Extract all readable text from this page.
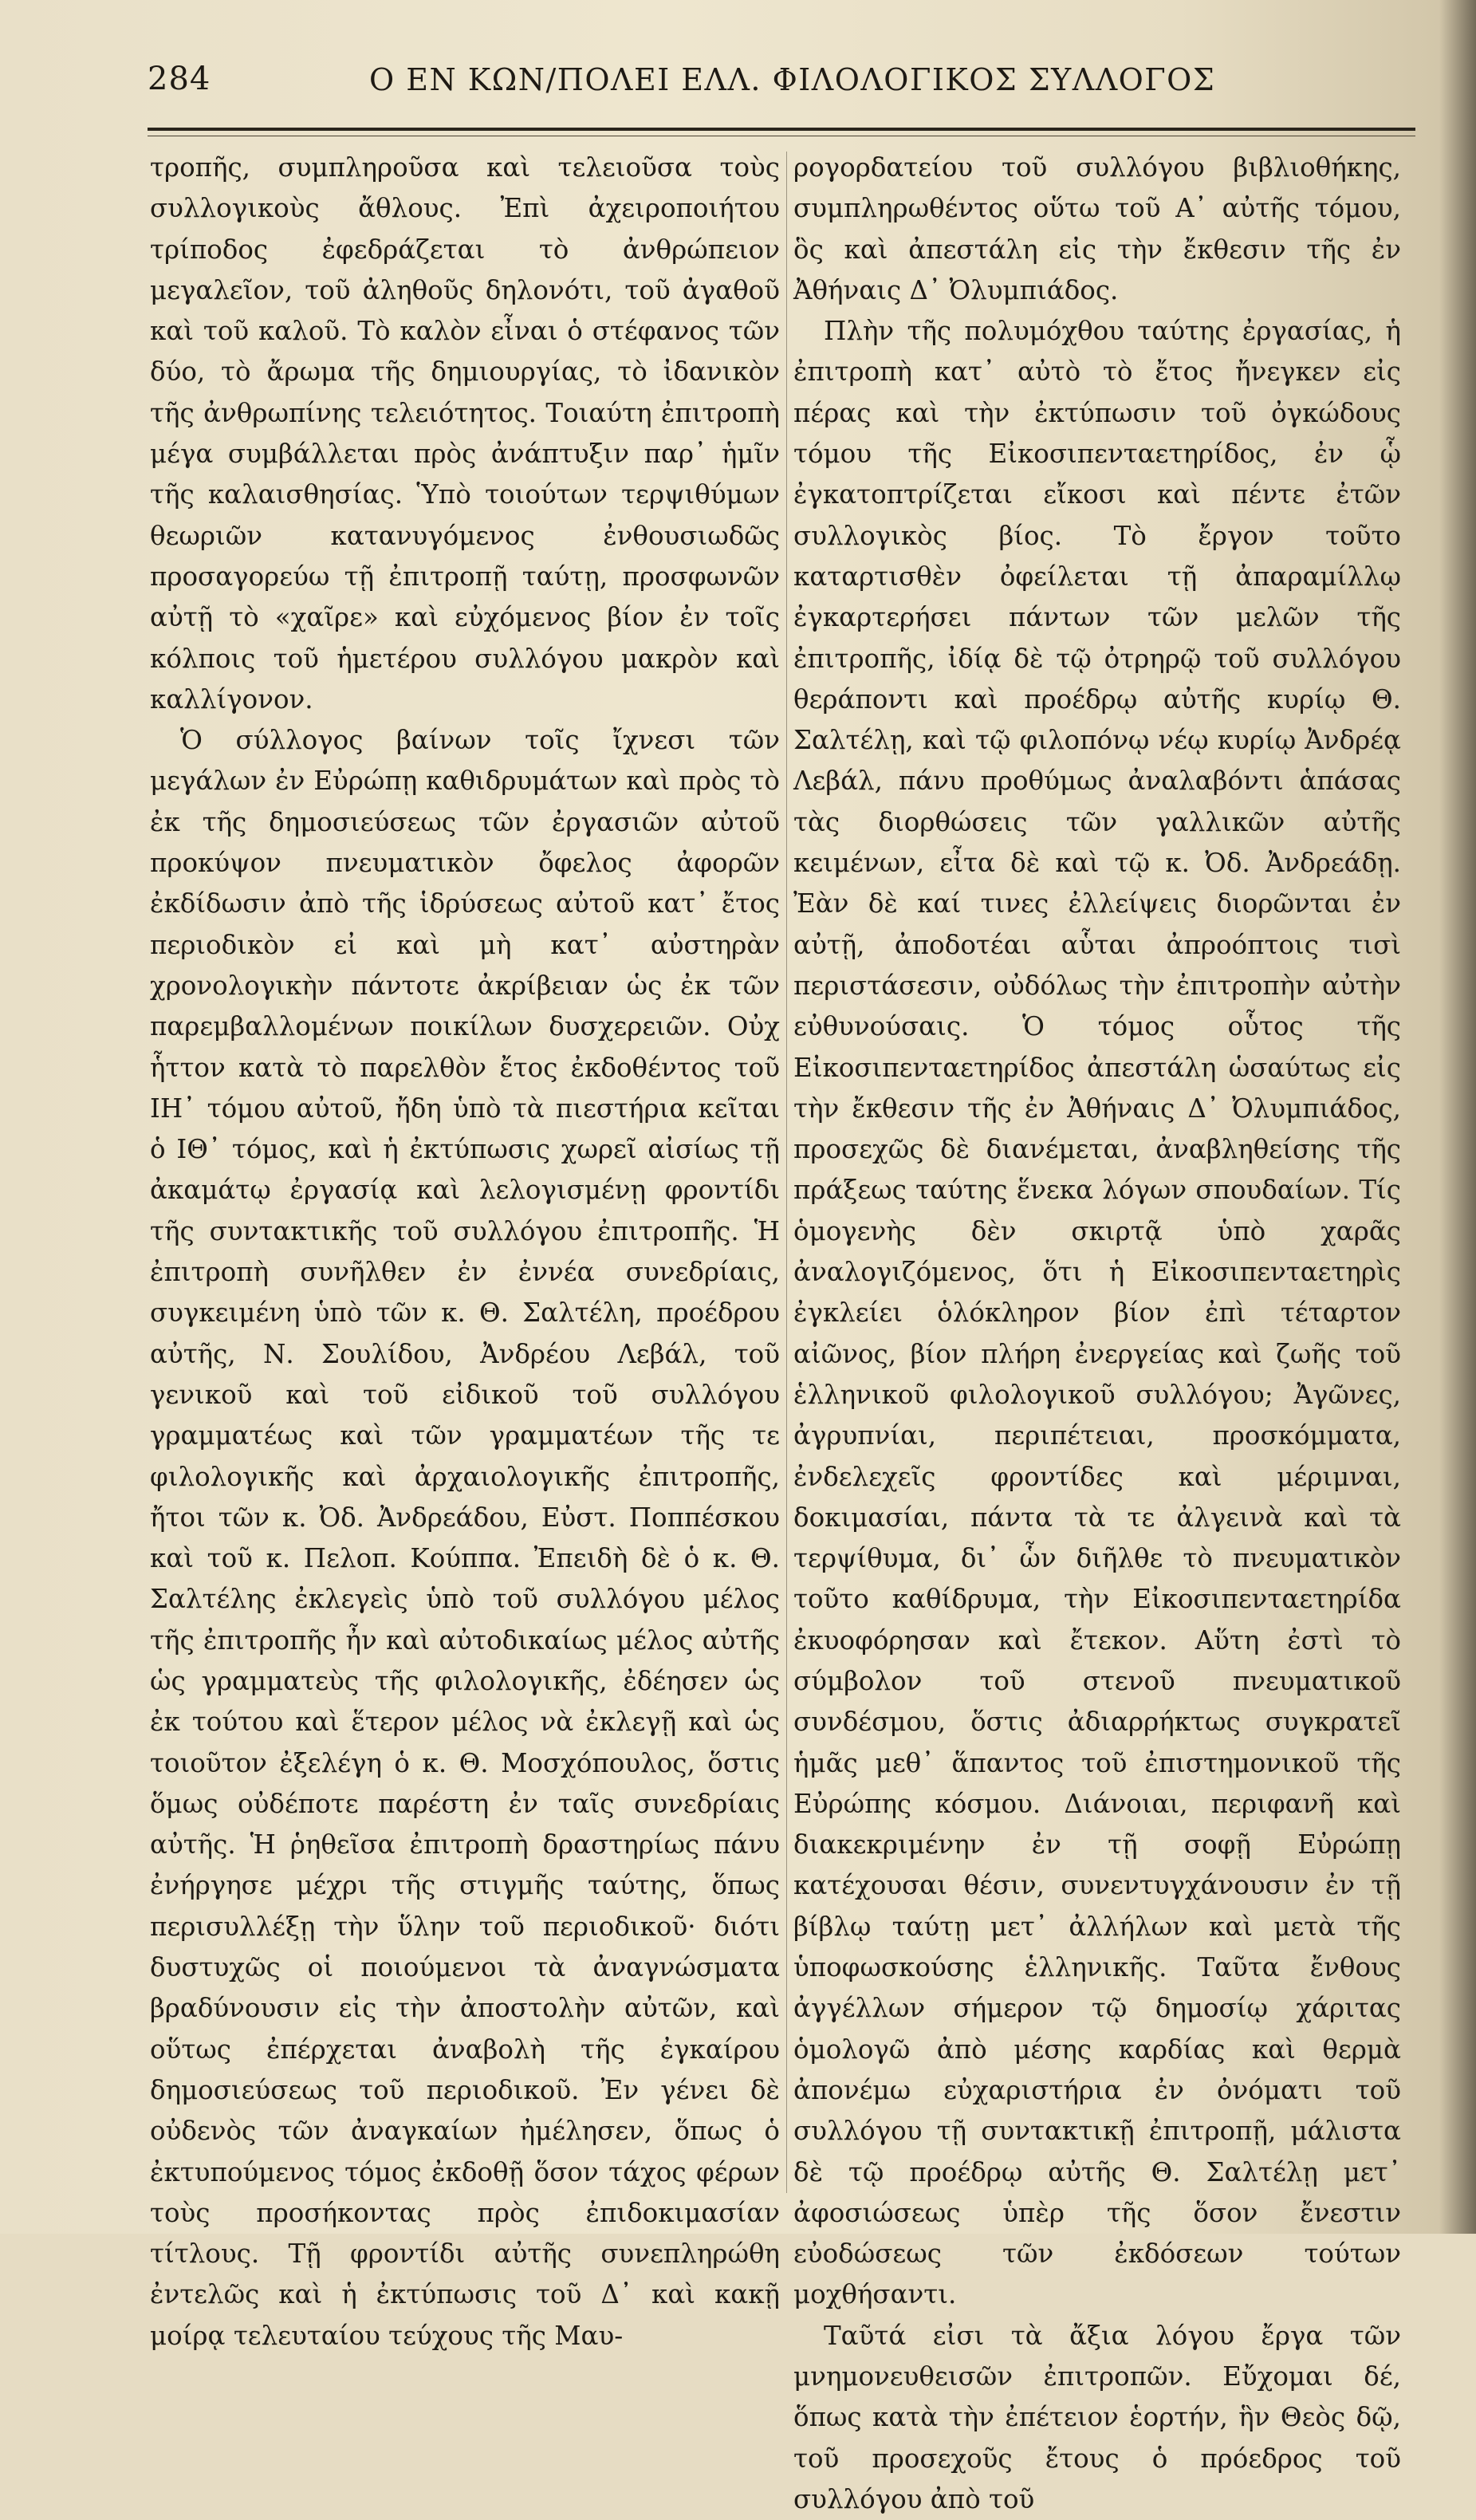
284	Ο ΕΝ ΚΩΝ/ΠΟΛΕΙ ΕΛΛ. ΦΙΛΟΛΟΓΙΚΟΣ ΣΥΛΛΟΓΟΣ

τροπῆς, συμπληροῦσα καὶ τελειοῦσα τοὺς συλλογικοὺς ἄθλους. Ἐπὶ ἀχειροποιήτου τρίποδος ἐφεδράζεται τὸ ἀνθρώπειον μεγαλεῖον, τοῦ ἀληθοῦς δηλονότι, τοῦ ἀγαθοῦ καὶ τοῦ καλοῦ. Τὸ καλὸν εἶναι ὁ στέφανος τῶν δύο, τὸ ἄρωμα τῆς δημιουργίας, τὸ ἰδανικὸν τῆς ἀνθρωπίνης τελειότητος. Τοιαύτη ἐπιτροπὴ μέγα συμβάλλεται πρὸς ἀνάπτυξιν παρ᾿ ἡμῖν τῆς καλαισθησίας. Ὑπὸ τοιούτων τερψιθύμων θεωριῶν κατανυγόμενος ἐνθουσιωδῶς προσαγορεύω τῇ ἐπιτροπῇ ταύτῃ, προσφωνῶν αὐτῇ τὸ «χαῖρε» καὶ εὐχόμενος βίον ἐν τοῖς κόλποις τοῦ ἡμετέρου συλλόγου μακρὸν καὶ καλλίγονον.

Ὁ σύλλογος βαίνων τοῖς ἴχνεσι τῶν μεγάλων ἐν Εὐρώπῃ καθιδρυμάτων καὶ πρὸς τὸ ἐκ τῆς δημοσιεύσεως τῶν ἐργασιῶν αὐτοῦ προκύψον πνευματικὸν ὄφελος ἀφορῶν ἐκδίδωσιν ἀπὸ τῆς ἱδρύσεως αὐτοῦ κατ᾿ ἔτος περιοδικὸν εἰ καὶ μὴ κατ᾿ αὐστηρὰν χρονολογικὴν πάντοτε ἀκρίβειαν ὡς ἐκ τῶν παρεμβαλλομένων ποικίλων δυσχερειῶν. Οὐχ ἧττον κατὰ τὸ παρελθὸν ἔτος ἐκδοθέντος τοῦ ΙΗ᾿ τόμου αὐτοῦ, ἤδη ὑπὸ τὰ πιεστήρια κεῖται ὁ ΙΘ᾿ τόμος, καὶ ἡ ἐκτύπωσις χωρεῖ αἰσίως τῇ ἀκαμάτῳ ἐργασίᾳ καὶ λελογισμένῃ φροντίδι τῆς συντακτικῆς τοῦ συλλόγου ἐπιτροπῆς. Ἡ ἐπιτροπὴ συνῆλθεν ἐν ἐννέα συνεδρίαις, συγκειμένη ὑπὸ τῶν κ. Θ. Σαλτέλη, προέδρου αὐτῆς, Ν. Σουλίδου, Ἀνδρέου Λεβάλ, τοῦ γενικοῦ καὶ τοῦ εἰδικοῦ τοῦ συλλόγου γραμματέως καὶ τῶν γραμματέων τῆς τε φιλολογικῆς καὶ ἀρχαιολογικῆς ἐπιτροπῆς, ἤτοι τῶν κ. Ὀδ. Ἀνδρεάδου, Εὐστ. Ποππέσκου καὶ τοῦ κ. Πελοπ. Κούππα. Ἐπειδὴ δὲ ὁ κ. Θ. Σαλτέλης ἐκλεγεὶς ὑπὸ τοῦ συλλόγου μέλος τῆς ἐπιτροπῆς ἦν καὶ αὐτοδικαίως μέλος αὐτῆς ὡς γραμματεὺς τῆς φιλολογικῆς, ἐδέησεν ὡς ἐκ τούτου καὶ ἕτερον μέλος νὰ ἐκλεγῇ καὶ ὡς τοιοῦτον ἐξελέγη ὁ κ. Θ. Μοσχόπουλος, ὅστις ὅμως οὐδέποτε παρέστη ἐν ταῖς συνεδρίαις αὐτῆς. Ἡ ῥηθεῖσα ἐπιτροπὴ δραστηρίως πάνυ ἐνήργησε μέχρι τῆς στιγμῆς ταύτης, ὅπως περισυλλέξῃ τὴν ὕλην τοῦ περιοδικοῦ· διότι δυστυχῶς οἱ ποιούμενοι τὰ ἀναγνώσματα βραδύνουσιν εἰς τὴν ἀποστολὴν αὐτῶν, καὶ οὕτως ἐπέρχεται ἀναβολὴ τῆς ἐγκαίρου δημοσιεύσεως τοῦ περιοδικοῦ. Ἐν γένει δὲ οὐδενὸς τῶν ἀναγκαίων ἠμέλησεν, ὅπως ὁ ἐκτυπούμενος τόμος ἐκδοθῇ ὅσον τάχος φέρων τοὺς προσήκοντας πρὸς ἐπιδοκιμασίαν τίτλους. Τῇ φροντίδι αὐτῆς συνεπληρώθη ἐντελῶς καὶ ἡ ἐκτύπωσις τοῦ Δ᾿ καὶ κακῇ μοίρᾳ τελευταίου τεύχους τῆς Μαυ-

ρογορδατείου τοῦ συλλόγου βιβλιοθήκης, συμπληρωθέντος οὕτω τοῦ Α᾿ αὐτῆς τόμου, ὃς καὶ ἀπεστάλη εἰς τὴν ἔκθεσιν τῆς ἐν Ἀθήναις Δ᾿ Ὀλυμπιάδος.

Πλὴν τῆς πολυμόχθου ταύτης ἐργασίας, ἡ ἐπιτροπὴ κατ᾿ αὐτὸ τὸ ἔτος ἤνεγκεν εἰς πέρας καὶ τὴν ἐκτύπωσιν τοῦ ὀγκώδους τόμου τῆς Εἰκοσιπενταετηρίδος, ἐν ᾧ ἐγκατοπτρίζεται εἴκοσι καὶ πέντε ἐτῶν συλλογικὸς βίος. Τὸ ἔργον τοῦτο καταρτισθὲν ὀφείλεται τῇ ἀπαραμίλλῳ ἐγκαρτερήσει πάντων τῶν μελῶν τῆς ἐπιτροπῆς, ἰδίᾳ δὲ τῷ ὀτρηρῷ τοῦ συλλόγου θεράποντι καὶ προέδρῳ αὐτῆς κυρίῳ Θ. Σαλτέλῃ, καὶ τῷ φιλοπόνῳ νέῳ κυρίῳ Ἀνδρέᾳ Λεβάλ, πάνυ προθύμως ἀναλαβόντι ἁπάσας τὰς διορθώσεις τῶν γαλλικῶν αὐτῆς κειμένων, εἶτα δὲ καὶ τῷ κ. Ὀδ. Ἀνδρεάδῃ. Ἐὰν δὲ καί τινες ἐλλείψεις διορῶνται ἐν αὐτῇ, ἀποδοτέαι αὗται ἀπροόπτοις τισὶ περιστάσεσιν, οὐδόλως τὴν ἐπιτροπὴν αὐτὴν εὐθυνούσαις. Ὁ τόμος οὗτος τῆς Εἰκοσιπενταετηρίδος ἀπεστάλη ὡσαύτως εἰς τὴν ἔκθεσιν τῆς ἐν Ἀθήναις Δ᾿ Ὀλυμπιάδος, προσεχῶς δὲ διανέμεται, ἀναβληθείσης τῆς πράξεως ταύτης ἕνεκα λόγων σπουδαίων. Τίς ὁμογενὴς δὲν σκιρτᾷ ὑπὸ χαρᾶς ἀναλογιζόμενος, ὅτι ἡ Εἰκοσιπενταετηρὶς ἐγκλείει ὁλόκληρον βίον ἐπὶ τέταρτον αἰῶνος, βίον πλήρη ἐνεργείας καὶ ζωῆς τοῦ ἑλληνικοῦ φιλολογικοῦ συλλόγου; Ἀγῶνες, ἀγρυπνίαι, περιπέτειαι, προσκόμματα, ἐνδελεχεῖς φροντίδες καὶ μέριμναι, δοκιμασίαι, πάντα τὰ τε ἀλγεινὰ καὶ τὰ τερψίθυμα, δι᾿ ὧν διῆλθε τὸ πνευματικὸν τοῦτο καθίδρυμα, τὴν Εἰκοσιπενταετηρίδα ἐκυοφόρησαν καὶ ἔτεκον. Αὕτη ἐστὶ τὸ σύμβολον τοῦ στενοῦ πνευματικοῦ συνδέσμου, ὅστις ἀδιαρρήκτως συγκρατεῖ ἡμᾶς μεθ᾿ ἅπαντος τοῦ ἐπιστημονικοῦ τῆς Εὐρώπης κόσμου. Διάνοιαι, περιφανῆ καὶ διακεκριμένην ἐν τῇ σοφῇ Εὐρώπῃ κατέχουσαι θέσιν, συνεντυγχάνουσιν ἐν τῇ βίβλῳ ταύτῃ μετ᾿ ἀλλήλων καὶ μετὰ τῆς ὑποφωσκούσης ἑλληνικῆς. Ταῦτα ἔνθους ἀγγέλλων σήμερον τῷ δημοσίῳ χάριτας ὁμολογῶ ἀπὸ μέσης καρδίας καὶ θερμὰ ἀπονέμω εὐχαριστήρια ἐν ὀνόματι τοῦ συλλόγου τῇ συντακτικῇ ἐπιτροπῇ, μάλιστα δὲ τῷ προέδρῳ αὐτῆς Θ. Σαλτέλῃ μετ᾿ ἀφοσιώσεως ὑπὲρ τῆς ὅσον ἔνεστιν εὐοδώσεως τῶν ἐκδόσεων τούτων μοχθήσαντι.

Ταῦτά εἰσι τὰ ἄξια λόγου ἔργα τῶν μνημονευθεισῶν ἐπιτροπῶν. Εὔχομαι δέ, ὅπως κατὰ τὴν ἐπέτειον ἑορτήν, ἣν Θεὸς δῷ, τοῦ προσεχοῦς ἔτους ὁ πρόεδρος τοῦ συλλόγου ἀπὸ τοῦ
